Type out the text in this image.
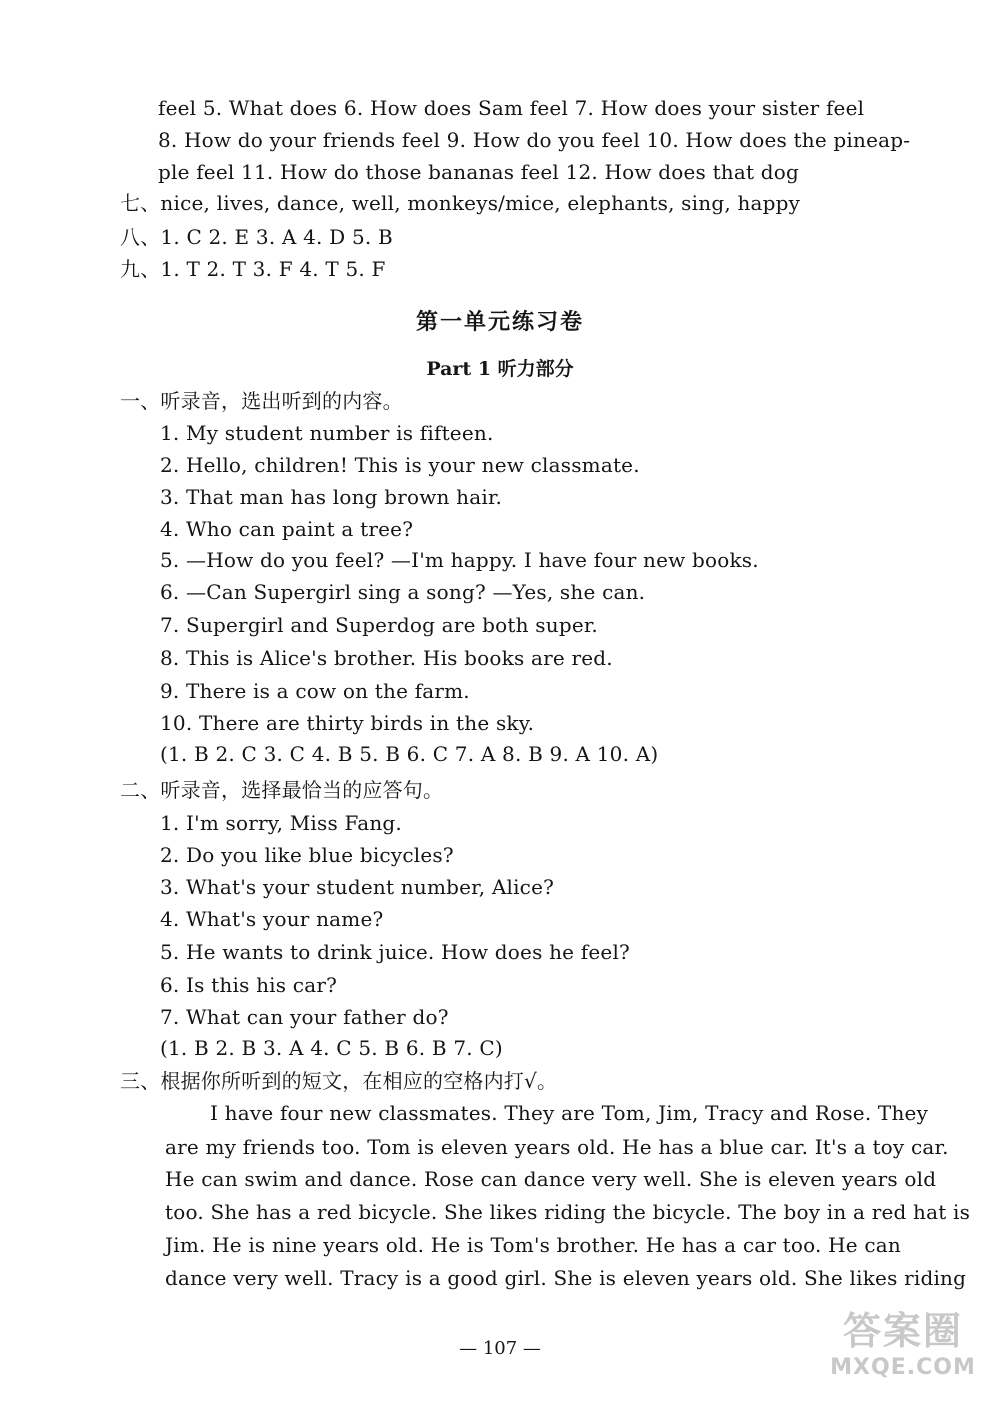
feel 5. What does 6. How does Sam feel 7. How does your sister feel
8. How do your friends feel 9. How do you feel 10. How does the pineap-
ple feel 11. How do those bananas feel 12. How does that dog
七、nice, lives, dance, well, monkeys/mice, elephants, sing, happy
八、1. C 2. E 3. A 4. D 5. B
九、1. T 2. T 3. F 4. T 5. F
第一单元练习卷
Part 1 听力部分
一、听录音，选出听到的内容。
1. My student number is fifteen.
2. Hello, children! This is your new classmate.
3. That man has long brown hair.
4. Who can paint a tree?
5. —How do you feel? —I'm happy. I have four new books.
6. —Can Supergirl sing a song? —Yes, she can.
7. Supergirl and Superdog are both super.
8. This is Alice's brother. His books are red.
9. There is a cow on the farm.
10. There are thirty birds in the sky.
(1. B 2. C 3. C 4. B 5. B 6. C 7. A 8. B 9. A 10. A)
二、听录音，选择最恰当的应答句。
1. I'm sorry, Miss Fang.
2. Do you like blue bicycles?
3. What's your student number, Alice?
4. What's your name?
5. He wants to drink juice. How does he feel?
6. Is this his car?
7. What can your father do?
(1. B 2. B 3. A 4. C 5. B 6. B 7. C)
三、根据你所听到的短文，在相应的空格内打√。
I have four new classmates. They are Tom, Jim, Tracy and Rose. They
are my friends too. Tom is eleven years old. He has a blue car. It's a toy car.
He can swim and dance. Rose can dance very well. She is eleven years old
too. She has a red bicycle. She likes riding the bicycle. The boy in a red hat is
Jim. He is nine years old. He is Tom's brother. He has a car too. He can
dance very well. Tracy is a good girl. She is eleven years old. She likes riding
— 107 —	答案圈
MXQE.COM
